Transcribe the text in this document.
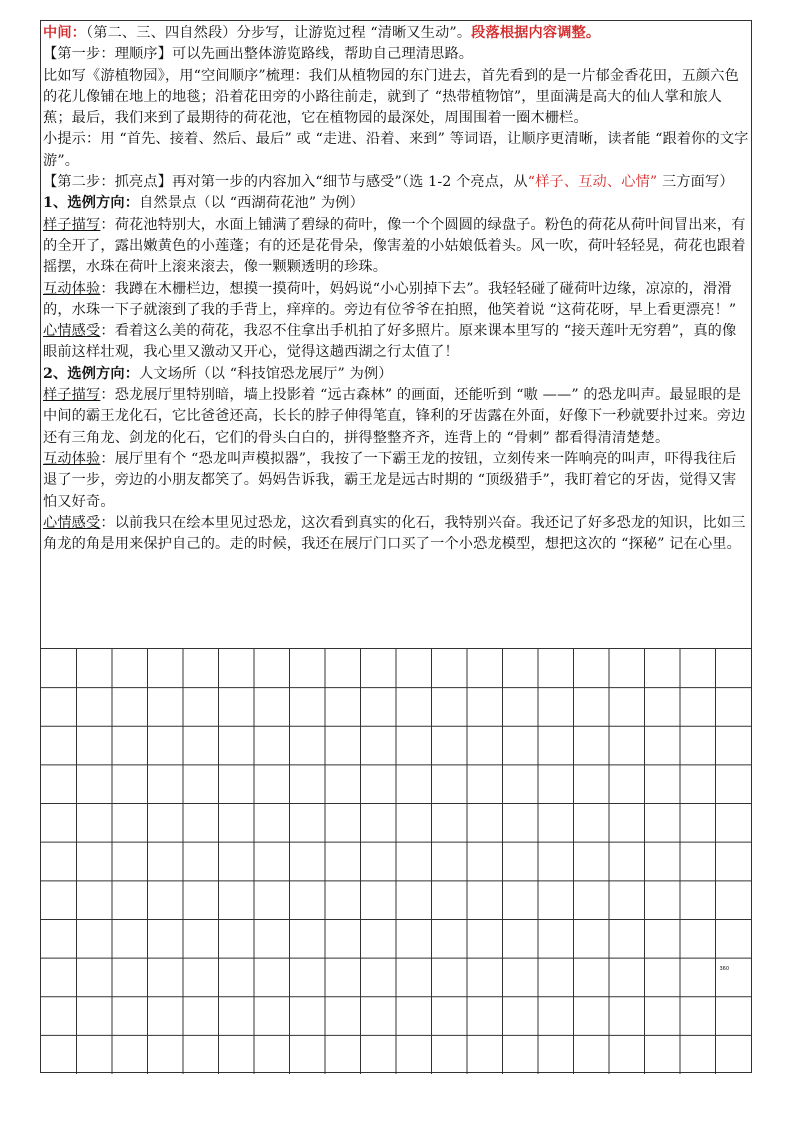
中间：（第二、三、四自然段）分步写，让游览过程 “清晰又生动”。段落根据内容调整。

【第一步：理顺序】可以先画出整体游览路线，帮助自己理清思路。

比如写《游植物园》，用“空间顺序”梳理：我们从植物园的东门进去，首先看到的是一片郁金香花田，五颜六色的花儿像铺在地上的地毯；沿着花田旁的小路往前走，就到了 “热带植物馆”，里面满是高大的仙人掌和旅人蕉；最后，我们来到了最期待的荷花池，它在植物园的最深处，周围围着一圈木栅栏。

小提示：用 “首先、接着、然后、最后” 或 “走进、沿着、来到” 等词语，让顺序更清晰，读者能 “跟着你的文字游”。

【第二步：抓亮点】再对第一步的内容加入“细节与感受”（选 1-2 个亮点，从“样子、互动、心情” 三方面写）

1、选例方向：自然景点（以 “西湖荷花池” 为例）

样子描写：荷花池特别大，水面上铺满了碧绿的荷叶，像一个个圆圆的绿盘子。粉色的荷花从荷叶间冒出来，有的全开了，露出嫩黄色的小莲蓬；有的还是花骨朵，像害羞的小姑娘低着头。风一吹，荷叶轻轻晃，荷花也跟着摇摆，水珠在荷叶上滚来滚去，像一颗颗透明的珍珠。

互动体验：我蹲在木栅栏边，想摸一摸荷叶，妈妈说“小心别掉下去”。我轻轻碰了碰荷叶边缘，凉凉的，滑滑的，水珠一下子就滚到了我的手背上，痒痒的。旁边有位爷爷在拍照，他笑着说 “这荷花呀，早上看更漂亮！”

心情感受：看着这么美的荷花，我忍不住拿出手机拍了好多照片。原来课本里写的 “接天莲叶无穷碧”，真的像眼前这样壮观，我心里又激动又开心，觉得这趟西湖之行太值了！

2、选例方向：人文场所（以 “科技馆恐龙展厅” 为例）

样子描写：恐龙展厅里特别暗，墙上投影着 “远古森林” 的画面，还能听到 “嗷 ——” 的恐龙叫声。最显眼的是中间的霸王龙化石，它比爸爸还高，长长的脖子伸得笔直，锋利的牙齿露在外面，好像下一秒就要扑过来。旁边还有三角龙、剑龙的化石，它们的骨头白白的，拼得整整齐齐，连背上的 “骨刺” 都看得清清楚楚。

互动体验：展厅里有个 “恐龙叫声模拟器”，我按了一下霸王龙的按钮，立刻传来一阵响亮的叫声，吓得我往后退了一步，旁边的小朋友都笑了。妈妈告诉我，霸王龙是远古时期的 “顶级猎手”，我盯着它的牙齿，觉得又害怕又好奇。

心情感受：以前我只在绘本里见过恐龙，这次看到真实的化石，我特别兴奋。我还记了好多恐龙的知识，比如三角龙的角是用来保护自己的。走的时候，我还在展厅门口买了一个小恐龙模型，想把这次的 “探秘” 记在心里。

360
